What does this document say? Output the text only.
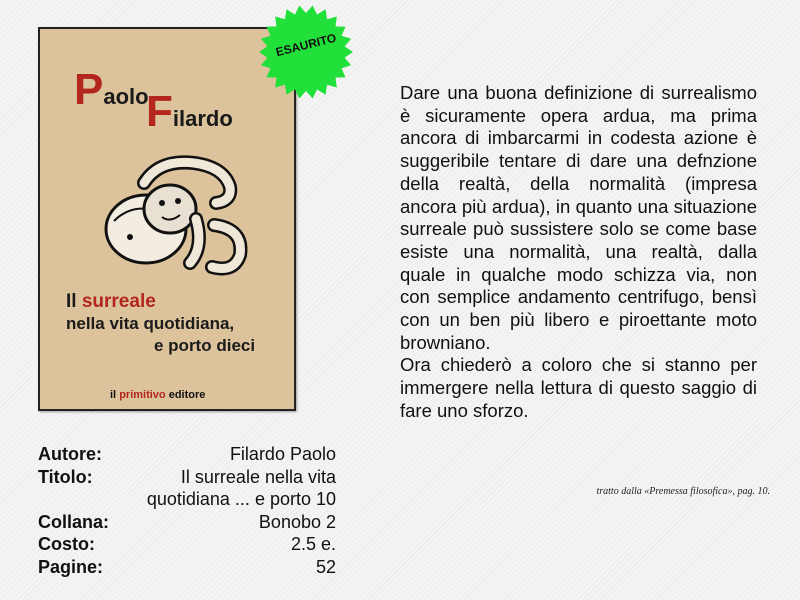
Paolo
Filardo
Il surreale
nella vita quotidiana,
e porto dieci
il primitivo editore
ESAURITO

Dare una buona definizione di surrealismo è sicuramente opera ardua, ma prima ancora di imbarcarmi in codesta azione è suggeribile tentare di dare una defnzione della realtà, della normalità (impresa ancora più ardua), in quanto una situazione surreale può sussistere solo se come base esiste una normalità, una realtà, dalla quale in qualche modo schizza via, non con semplice andamento centrifugo, bensì con un ben più libero e piroettante moto browniano.

Ora chiederò a coloro che si stanno per immergere nella lettura di questo saggio di fare uno sforzo.

tratto dalla «Premessa filosofica», pag. 10.
Autore:	Filardo Paolo
Titolo:	Il surreale nella vita quotidiana ... e porto 10
Collana:	Bonobo 2
Costo:	2.5 e.
Pagine:	52
